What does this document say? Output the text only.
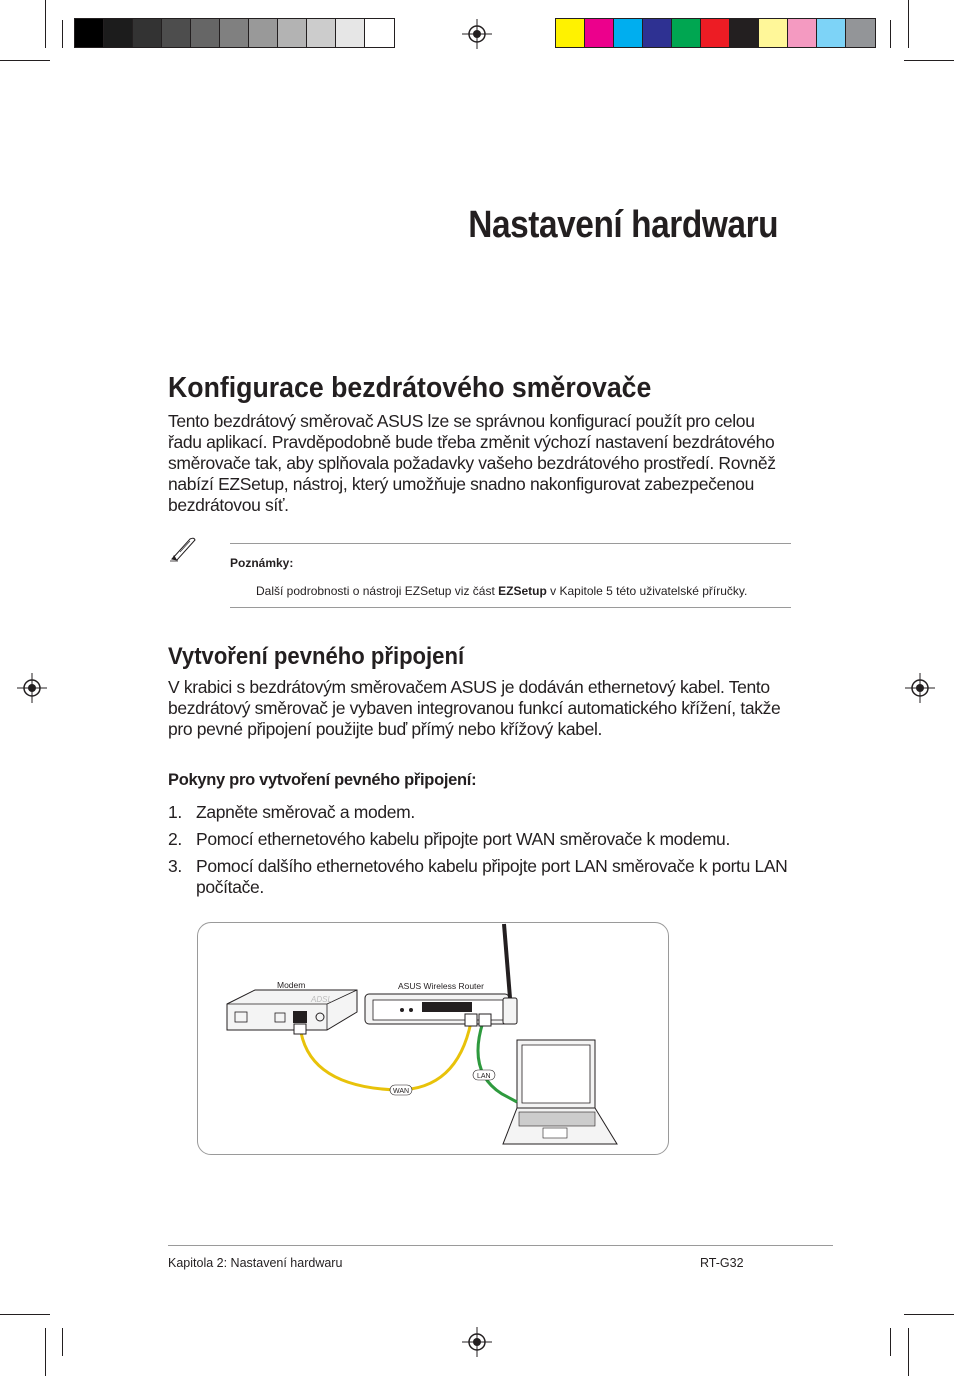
Nastavení hardwaru
Konfigurace bezdrátového směrovače
Tento bezdrátový směrovač ASUS lze se správnou konfigurací použít pro celou
řadu aplikací. Pravděpodobně bude třeba změnit výchozí nastavení bezdrátového
směrovače tak, aby splňovala požadavky vašeho bezdrátového prostředí. Rovněž
nabízí EZSetup, nástroj, který umožňuje snadno nakonfigurovat zabezpečenou
bezdrátovou síť.
Poznámky:
Další podrobnosti o nástroji EZSetup viz část EZSetup v Kapitole 5 této uživatelské příručky.
Vytvoření pevného připojení
V krabici s bezdrátovým směrovačem ASUS je dodáván ethernetový kabel. Tento
bezdrátový směrovač je vybaven integrovanou funkcí automatického křížení, takže
pro pevné připojení použijte buď přímý nebo křížový kabel.
Pokyny pro vytvoření pevného připojení:
1. Zapněte směrovač a modem.
2. Pomocí ethernetového kabelu připojte port WAN směrovače k modemu.
3. Pomocí dalšího ethernetového kabelu připojte port LAN směrovače k portu LAN
počítače.
ADSL
Modem	ASUS Wireless Router
WAN
LAN
Kapitola 2: Nastavení hardwaru	RT-G32
